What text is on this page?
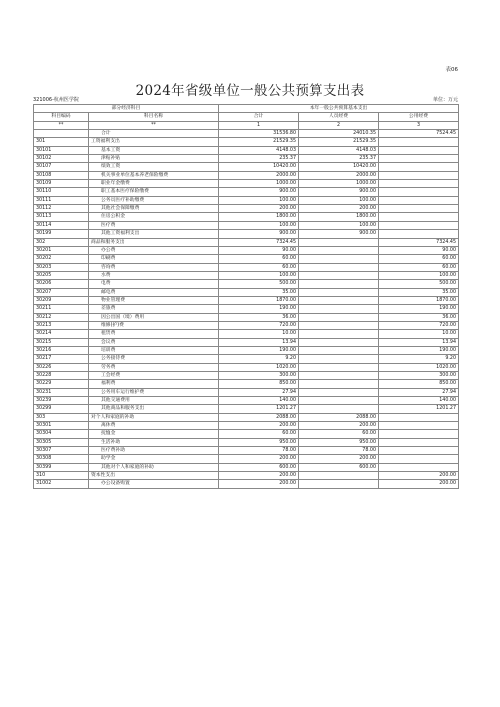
表06
2024年省级单位一般公共预算支出表
321006-杭州医学院	单位：万元
部分经济科目		本年一般公共预算基本支出		
科目编码	科目名称	合计	人员经费	公用经费
**	**	1	2	3
	合计	31536.80	24010.35	7524.45
301	工资福利支出	21529.35	21529.35	
30101	基本工资	4148.03	4148.03	
30102	津贴补贴	235.37	235.37	
30107	绩效工资	10420.00	10420.00	
30108	机关事业单位基本养老保险缴费	2000.00	2000.00	
30109	职业年金缴费	1000.00	1000.00	
30110	职工基本医疗保险缴费	900.00	900.00	
30111	公务员医疗补助缴费	100.00	100.00	
30112	其他社会保障缴费	200.00	200.00	
30113	住房公积金	1800.00	1800.00	
30114	医疗费	100.00	100.00	
30199	其他工资福利支出	900.00	900.00	
302	商品和服务支出	7324.45		7324.45
30201	办公费	90.00		90.00
30202	印刷费	60.00		60.00
30203	咨询费	60.00		60.00
30205	水费	100.00		100.00
30206	电费	500.00		500.00
30207	邮电费	35.00		35.00
30209	物业管理费	1870.00		1870.00
30211	差旅费	190.00		190.00
30212	因公出国（境）费用	36.00		36.00
30213	维修(护)费	720.00		720.00
30214	租赁费	10.00		10.00
30215	会议费	13.94		13.94
30216	培训费	190.00		190.00
30217	公务接待费	9.20		9.20
30226	劳务费	1020.00		1020.00
30228	工会经费	300.00		300.00
30229	福利费	850.00		850.00
30231	公务用车运行维护费	27.94		27.94
30239	其他交通费用	140.00		140.00
30299	其他商品和服务支出	1201.27		1201.27
303	对个人和家庭的补助	2088.00	2088.00	
30301	离休费	200.00	200.00	
30304	抚恤金	60.00	60.00	
30305	生活补助	950.00	950.00	
30307	医疗费补助	78.00	78.00	
30308	助学金	200.00	200.00	
30399	其他对个人和家庭的补助	600.00	600.00	
310	资本性支出	200.00		200.00
31002	办公设备购置	200.00		200.00
